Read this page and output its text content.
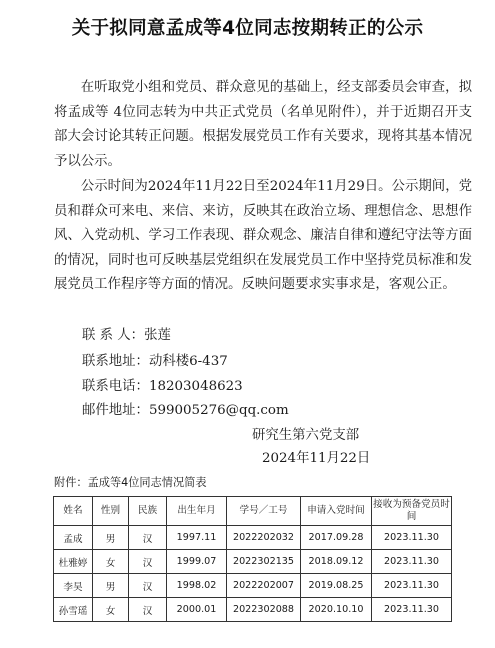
关于拟同意孟成等4位同志按期转正的公示

在听取党小组和党员、群众意见的基础上，经支部委员会审查，拟将孟成等 4位同志转为中共正式党员（名单见附件），并于近期召开支部大会讨论其转正问题。根据发展党员工作有关要求，现将其基本情况予以公示。

公示时间为2024年11月22日至2024年11月29日。公示期间，党员和群众可来电、来信、来访，反映其在政治立场、理想信念、思想作风、入党动机、学习工作表现、群众观念、廉洁自律和遵纪守法等方面的情况，同时也可反映基层党组织在发展党员工作中坚持党员标准和发展党员工作程序等方面的情况。反映问题要求实事求是，客观公正。

联 系 人：张莲
联系地址：动科楼6-437
联系电话：18203048623
邮件地址：599005276@qq.com
研究生第六党支部
2024年11月22日
附件：孟成等4位同志情况简表
姓名	性别	民族	出生年月	学号／工号	申请入党时间	接收为预备党员时间
孟成	男	汉	1997.11	2022202032	2017.09.28	2023.11.30
杜雅婷	女	汉	1999.07	2022302135	2018.09.12	2023.11.30
李昊	男	汉	1998.02	2022202007	2019.08.25	2023.11.30
孙雪瑶	女	汉	2000.01	2022302088	2020.10.10	2023.11.30
